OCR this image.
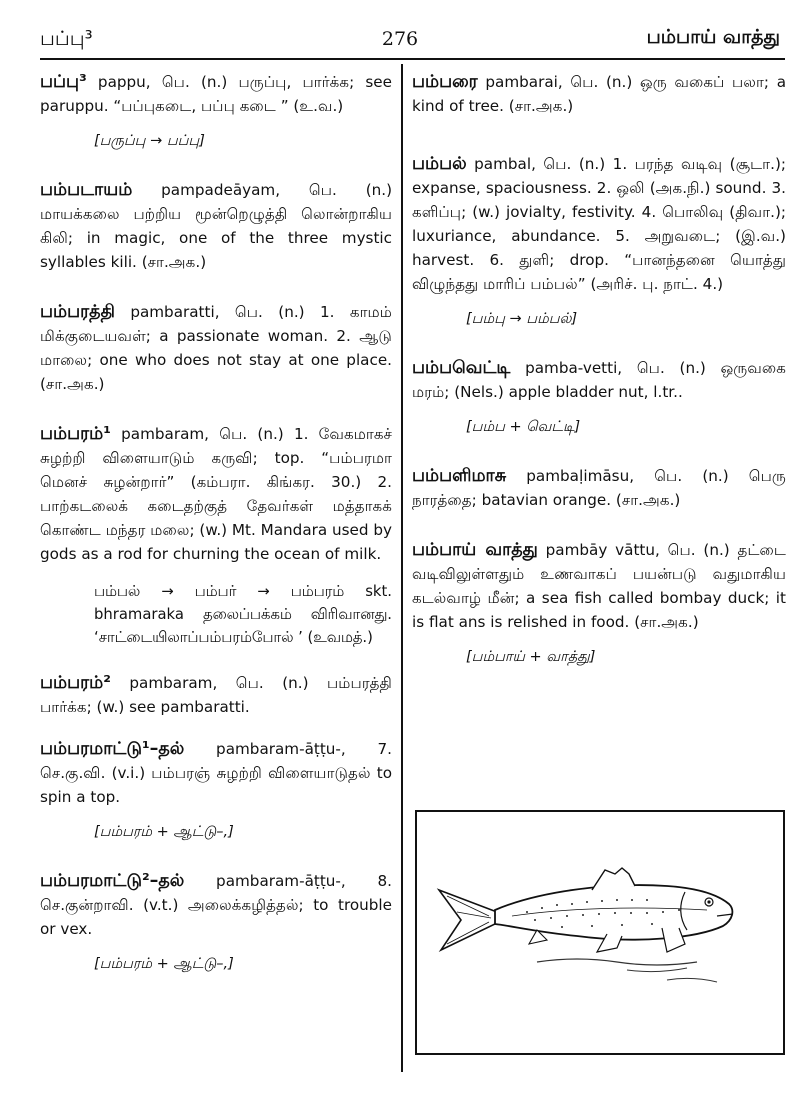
பப்பு³	276	பம்பாய் வாத்து
பப்பு³ pappu, பெ. (n.) பருப்பு, பார்க்க; see paruppu. “பப்புகடை, பப்பு கடை ” (உ.வ.)
[பருப்பு → பப்பு]
பம்படாயம் pampadeāyam, பெ. (n.) மாயக்கலை பற்றிய மூன்றெழுத்தி லொன்றாகிய கிலி; in magic, one of the three mystic syllables kili. (சா.அக.)
பம்பரத்தி pambaratti, பெ. (n.) 1. காமம் மிக்குடையவள்; a passionate woman. 2. ஆடு மாலை; one who does not stay at one place. (சா.அக.)
பம்பரம்¹ pambaram, பெ. (n.) 1. வேகமாகச் சுழற்றி விளையாடும் கருவி; top. “பம்பரமா மெனச் சுழன்றார்” (கம்பரா. கிங்கர. 30.) 2. பாற்கடலைக் கடைதற்குத் தேவர்கள் மத்தாகக் கொண்ட மந்தர மலை; (w.) Mt. Mandara used by gods as a rod for churning the ocean of milk.
பம்பல் → பம்பர் → பம்பரம் skt. bhramaraka தலைப்பக்கம் விரிவானது. ‘சாட்டையிலாப்பம்பரம்போல் ’ (உவமத்.)
பம்பரம்² pambaram, பெ. (n.) பம்பரத்தி பார்க்க; (w.) see pambaratti.
பம்பரமாட்டு¹–தல் pambaram-āṭṭu-, 7. செ.கு.வி. (v.i.) பம்பரஞ் சுழற்றி விளையாடுதல் to spin a top.
[பம்பரம் + ஆட்டு–,]
பம்பரமாட்டு²–தல் pambaram-āṭṭu-, 8. செ.குன்றாவி. (v.t.) அலைக்கழித்தல்; to trouble or vex.
[பம்பரம் + ஆட்டு–,]
பம்பரை pambarai, பெ. (n.) ஒரு வகைப் பலா; a kind of tree. (சா.அக.)
பம்பல் pambal, பெ. (n.) 1. பரந்த வடிவு (சூடா.); expanse, spaciousness. 2. ஒலி (அக.நி.) sound. 3. களிப்பு; (w.) jovialty, festivity. 4. பொலிவு (திவா.); luxuriance, abundance. 5. அறுவடை; (இ.வ.) harvest. 6. துளி; drop. “பானந்தனை யொத்து விழுந்தது மாரிப் பம்பல்” (அரிச். பு. நாட். 4.)
[பம்பு → பம்பல்]
பம்பவெட்டி pamba-vetti, பெ. (n.) ஒருவகை மரம்; (Nels.) apple bladder nut, l.tr..
[பம்ப + வெட்டி]
பம்பளிமாசு pambaḷimāsu, பெ. (n.) பெரு நாரத்தை; batavian orange. (சா.அக.)
பம்பாய் வாத்து pambāy vāttu, பெ. (n.) தட்டை வடிவிலுள்ளதும் உணவாகப் பயன்படு வதுமாகிய கடல்வாழ் மீன்; a sea fish called bombay duck; it is flat ans is relished in food. (சா.அக.)
[பம்பாய் + வாத்து]
